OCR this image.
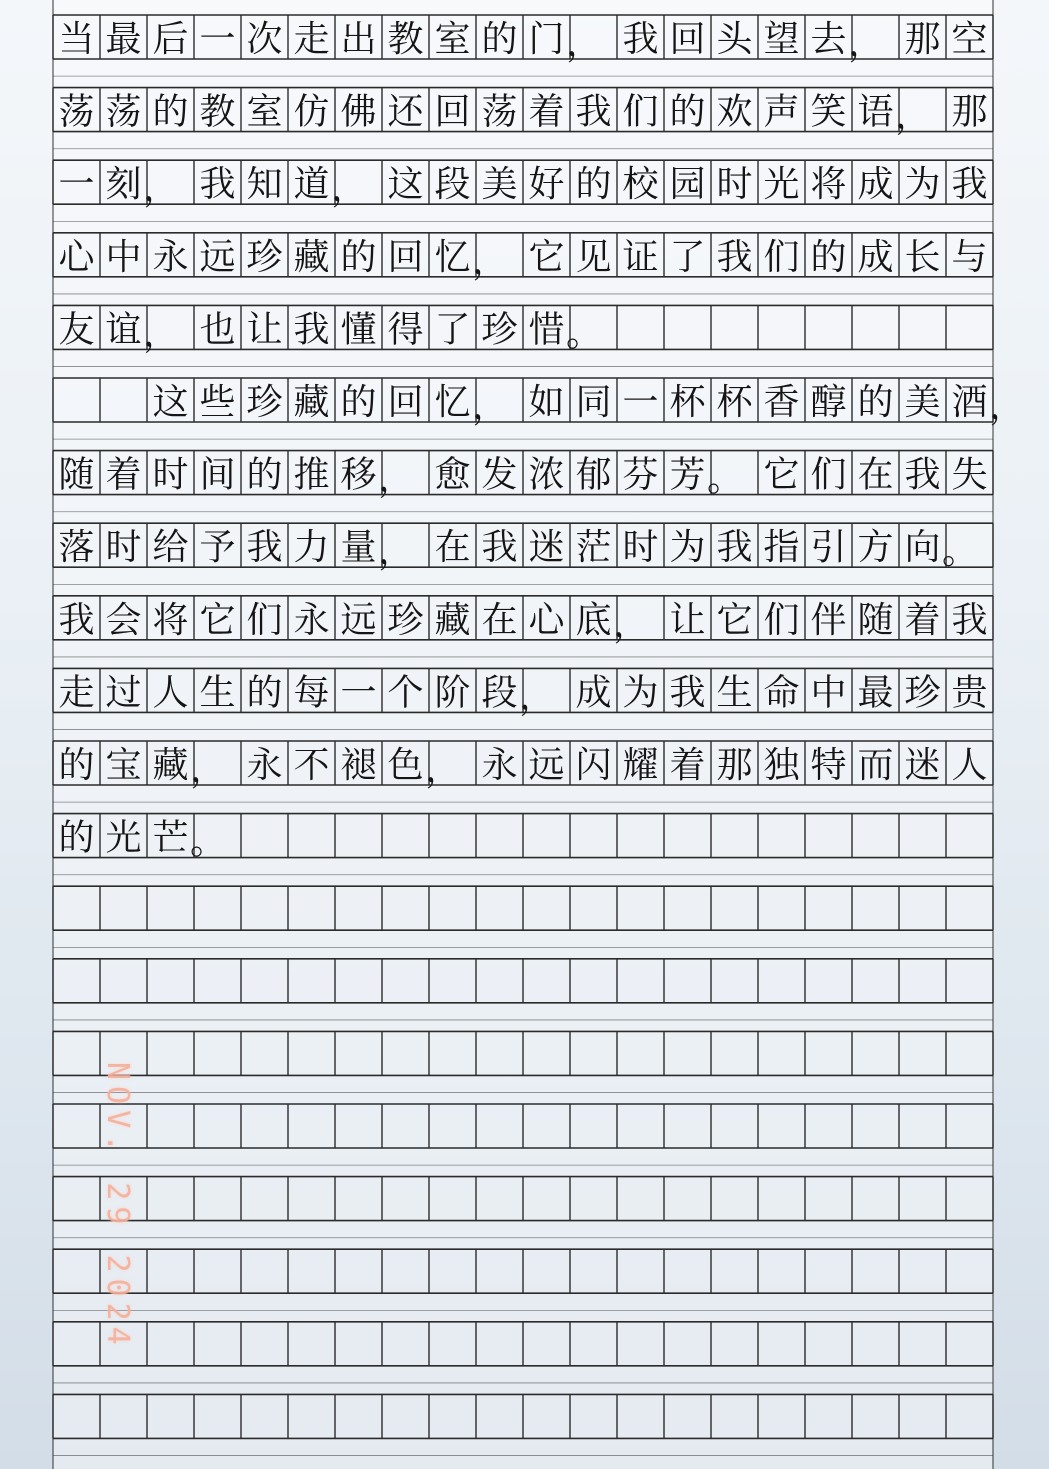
当 最 后 一 次 走 出 教 室 的 门 ， 我 回 头 望 去 ， 那 空
荡 荡 的 教 室 仿 佛 还 回 荡 着 我 们 的 欢 声 笑 语 ， 那
一 刻 ， 我 知 道 ， 这 段 美 好 的 校 园 时 光 将 成 为 我
心 中 永 远 珍 藏 的 回 忆 ， 它 见 证 了 我 们 的 成 长 与
友 谊 ， 也 让 我 懂 得 了 珍 惜 。
这 些 珍 藏 的 回 忆 ， 如 同 一 杯 杯 香 醇 的 美 酒 ，
随 着 时 间 的 推 移 ， 愈 发 浓 郁 芬 芳 。 它 们 在 我 失
落 时 给 予 我 力 量 ， 在 我 迷 茫 时 为 我 指 引 方 向 。
我 会 将 它 们 永 远 珍 藏 在 心 底 ， 让 它 们 伴 随 着 我
走 过 人 生 的 每 一 个 阶 段 ， 成 为 我 生 命 中 最 珍 贵
的 宝 藏 ， 永 不 褪 色 ， 永 远 闪 耀 着 那 独 特 而 迷 人
的 光 芒 。
NOV. 29 2024
